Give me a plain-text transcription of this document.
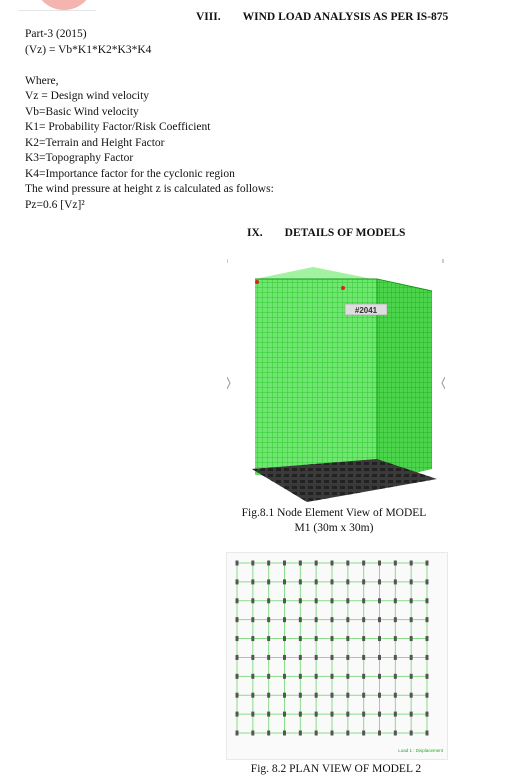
VIII. WIND LOAD ANALYSIS AS PER IS-875
Part-3 (2015)
(Vz) = Vb*K1*K2*K3*K4
Where,
Vz = Design wind velocity
Vb=Basic Wind velocity
K1= Probability Factor/Risk Coefficient
K2=Terrain and Height Factor
K3=Topography Factor
K4=Importance factor for the cyclonic region
The wind pressure at height z is calculated as follows:
Pz=0.6 [Vz]²
IX. DETAILS OF MODELS
#2041
Fig.8.1 Node Element View of MODEL
M1 (30m x 30m)
Load 1 : Displacement
Fig. 8.2 PLAN VIEW OF MODEL 2
